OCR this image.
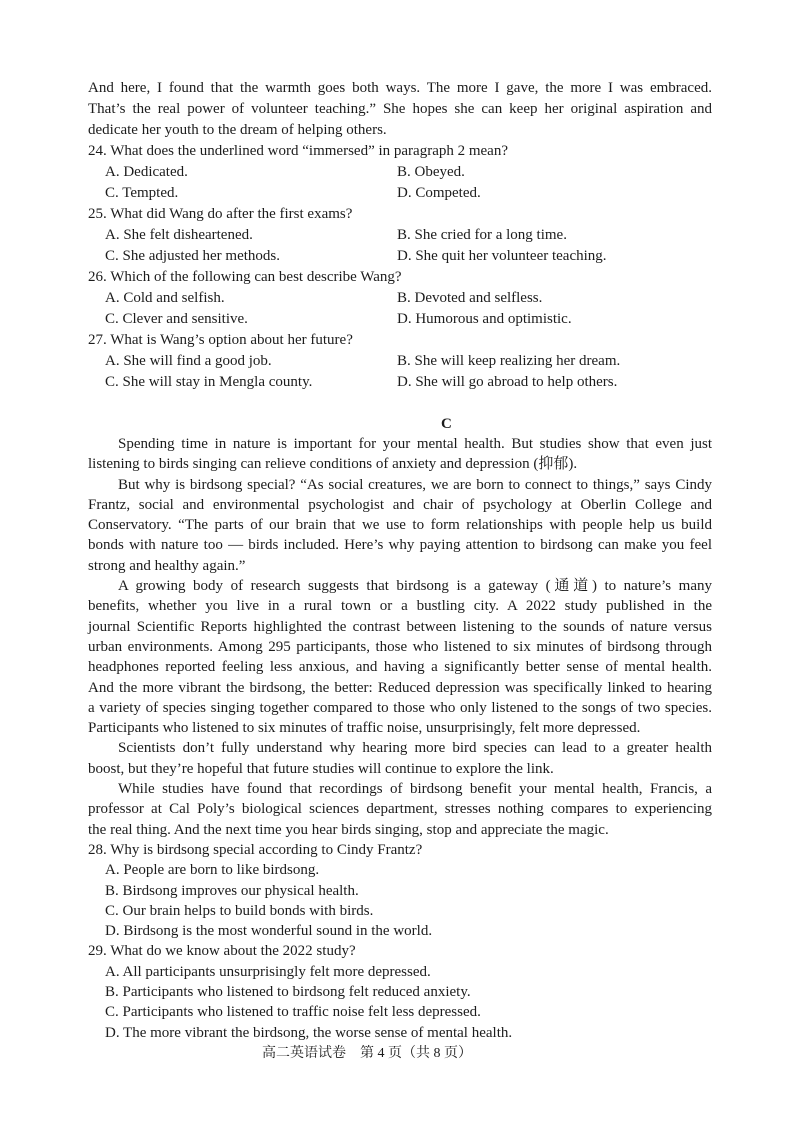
And here, I found that the warmth goes both ways. The more I gave, the more I was embraced.
That’s the real power of volunteer teaching.” She hopes she can keep her original aspiration and
dedicate her youth to the dream of helping others.
24. What does the underlined word “immersed” in paragraph 2 mean?
A. Dedicated.	B. Obeyed.
C. Tempted.	D. Competed.
25. What did Wang do after the first exams?
A. She felt disheartened.	B. She cried for a long time.
C. She adjusted her methods.	D. She quit her volunteer teaching.
26. Which of the following can best describe Wang?
A. Cold and selfish.	B. Devoted and selfless.
C. Clever and sensitive.	D. Humorous and optimistic.
27. What is Wang’s option about her future?
A. She will find a good job.	B. She will keep realizing her dream.
C. She will stay in Mengla county.	D. She will go abroad to help others.
C
Spending time in nature is important for your mental health. But studies show that even just
listening to birds singing can relieve conditions of anxiety and depression (抑郁).
But why is birdsong special? “As social creatures, we are born to connect to things,” says Cindy
Frantz, social and environmental psychologist and chair of psychology at Oberlin College and
Conservatory. “The parts of our brain that we use to form relationships with people help us build
bonds with nature too — birds included. Here’s why paying attention to birdsong can make you feel
strong and healthy again.”
A growing body of research suggests that birdsong is a gateway (通道) to nature’s many
benefits, whether you live in a rural town or a bustling city. A 2022 study published in the
journal Scientific Reports highlighted the contrast between listening to the sounds of nature versus
urban environments. Among 295 participants, those who listened to six minutes of birdsong through
headphones reported feeling less anxious, and having a significantly better sense of mental health.
And the more vibrant the birdsong, the better: Reduced depression was specifically linked to hearing
a variety of species singing together compared to those who only listened to the songs of two species.
Participants who listened to six minutes of traffic noise, unsurprisingly, felt more depressed.
Scientists don’t fully understand why hearing more bird species can lead to a greater health
boost, but they’re hopeful that future studies will continue to explore the link.
While studies have found that recordings of birdsong benefit your mental health, Francis, a
professor at Cal Poly’s biological sciences department, stresses nothing compares to experiencing
the real thing. And the next time you hear birds singing, stop and appreciate the magic.
28. Why is birdsong special according to Cindy Frantz?
A. People are born to like birdsong.
B. Birdsong improves our physical health.
C. Our brain helps to build bonds with birds.
D. Birdsong is the most wonderful sound in the world.
29. What do we know about the 2022 study?
A. All participants unsurprisingly felt more depressed.
B. Participants who listened to birdsong felt reduced anxiety.
C. Participants who listened to traffic noise felt less depressed.
D. The more vibrant the birdsong, the worse sense of mental health.
高二英语试卷 第 4 页（共 8 页）
